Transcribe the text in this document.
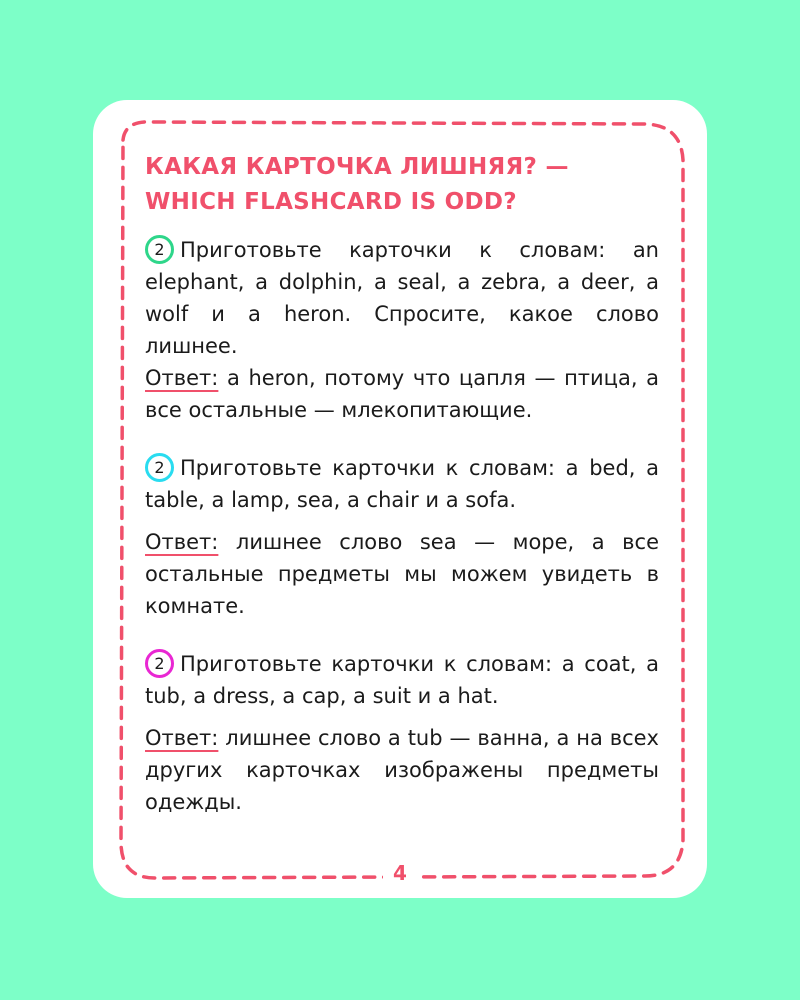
КАКАЯ КАРТОЧКА ЛИШНЯЯ? —
WHICH FLASHCARD IS ODD?

2 Приготовьте карточки к словам: an elephant, a dolphin, a seal, a zebra, a deer, a wolf и a heron. Спросите, какое слово лишнее.

Ответ: a heron, потому что цапля — птица, а все остальные — млекопитающие.

2 Приготовьте карточки к словам: a bed, a table, a lamp, sea, a chair и a sofa.

Ответ: лишнее слово sea — море, а все остальные предметы мы можем увидеть в комнате.

2 Приготовьте карточки к словам: a coat, a tub, a dress, a cap, a suit и a hat.

Ответ: лишнее слово a tub — ванна, а на всех других карточках изображены предметы одежды.

4
